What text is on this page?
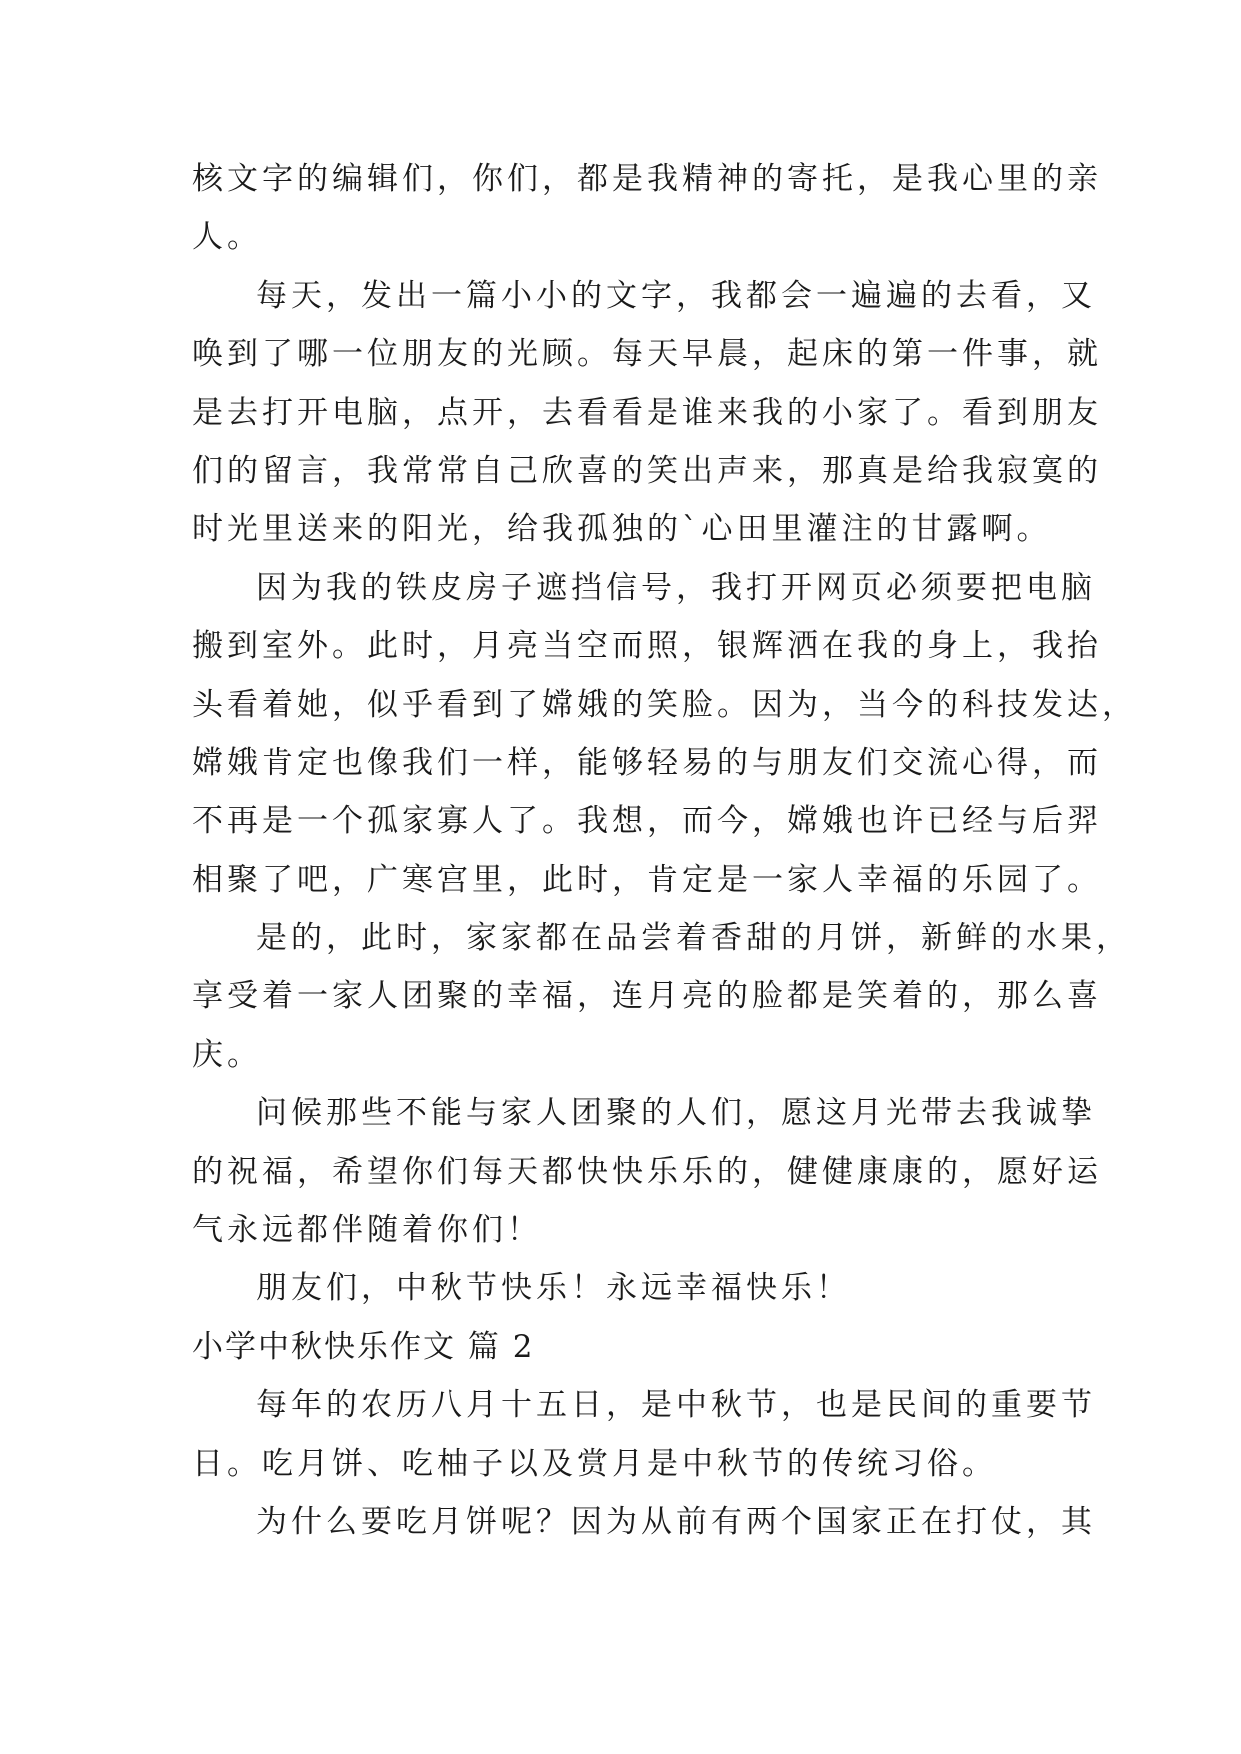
核文字的编辑们，你们，都是我精神的寄托，是我心里的亲
人。
每天，发出一篇小小的文字，我都会一遍遍的去看，又
唤到了哪一位朋友的光顾。每天早晨，起床的第一件事，就
是去打开电脑，点开，去看看是谁来我的小家了。看到朋友
们的留言，我常常自己欣喜的笑出声来，那真是给我寂寞的
时光里送来的阳光，给我孤独的`心田里灌注的甘露啊。
因为我的铁皮房子遮挡信号，我打开网页必须要把电脑
搬到室外。此时，月亮当空而照，银辉洒在我的身上，我抬
头看着她，似乎看到了嫦娥的笑脸。因为，当今的科技发达，
嫦娥肯定也像我们一样，能够轻易的与朋友们交流心得，而
不再是一个孤家寡人了。我想，而今，嫦娥也许已经与后羿
相聚了吧，广寒宫里，此时，肯定是一家人幸福的乐园了。
是的，此时，家家都在品尝着香甜的月饼，新鲜的水果，
享受着一家人团聚的幸福，连月亮的脸都是笑着的，那么喜
庆。
问候那些不能与家人团聚的人们，愿这月光带去我诚挚
的祝福，希望你们每天都快快乐乐的，健健康康的，愿好运
气永远都伴随着你们！
朋友们，中秋节快乐！永远幸福快乐！
小学中秋快乐作文 篇 2
每年的农历八月十五日，是中秋节，也是民间的重要节
日。吃月饼、吃柚子以及赏月是中秋节的传统习俗。
为什么要吃月饼呢？因为从前有两个国家正在打仗，其
